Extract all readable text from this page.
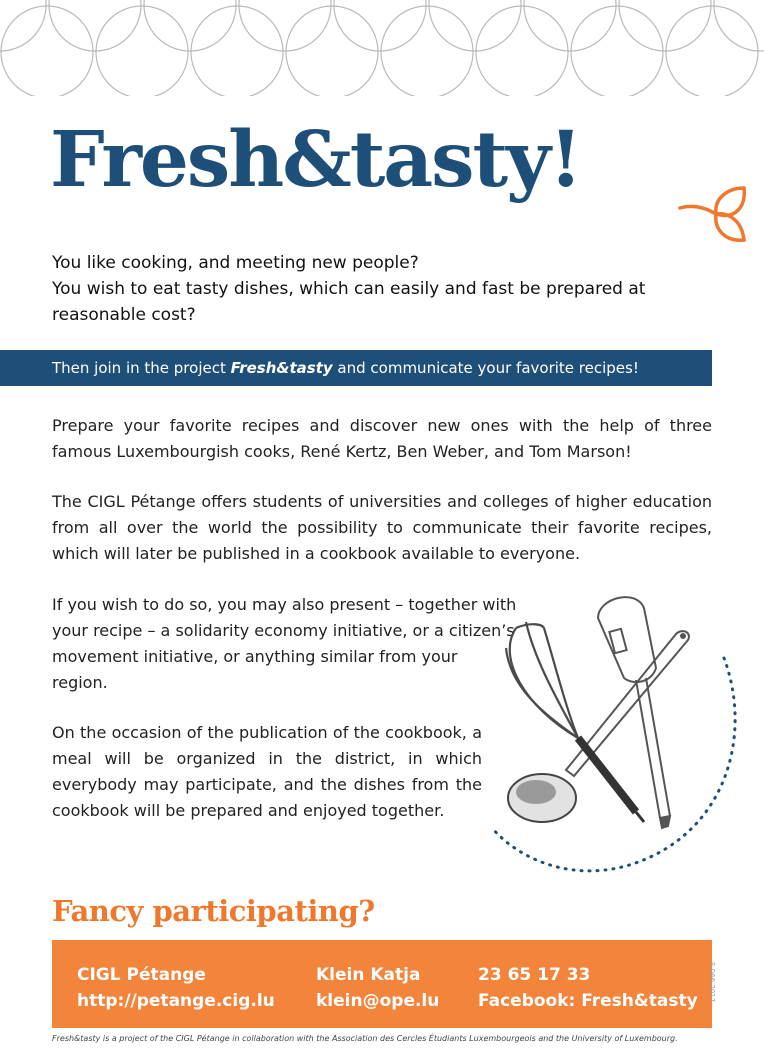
Fresh&tasty!

You like cooking, and meeting new people?

You wish to eat tasty dishes, which can easily and fast be prepared at reasonable cost?

Then join in the project Fresh&tasty and communicate your favorite recipes!

Prepare your favorite recipes and discover new ones with the help of three famous Luxembourgish cooks, René Kertz, Ben Weber, and Tom Marson!

The CIGL Pétange offers students of universities and colleges of higher education from all over the world the possibility to communicate their favorite recipes, which will later be published in a cookbook available to everyone.

If you wish to do so, you may also present – together with your recipe – a solidarity economy initiative, or a citizen’s movement initiative, or anything similar from your region.

On the occasion of the publication of the cookbook, a meal will be organized in the district, in which everybody may participate, and the dishes from the cookbook will be prepared and enjoyed together.

Fancy participating?
CIGL Pétange
http://petange.cig.lu
Klein Katja
klein@ope.lu
23 65 17 33
Facebook: Fresh&tasty S 066 2017
Fresh&tasty is a project of the CIGL Pétange in collaboration with the Association des Cercles Étudiants Luxembourgeois and the University of Luxembourg.
